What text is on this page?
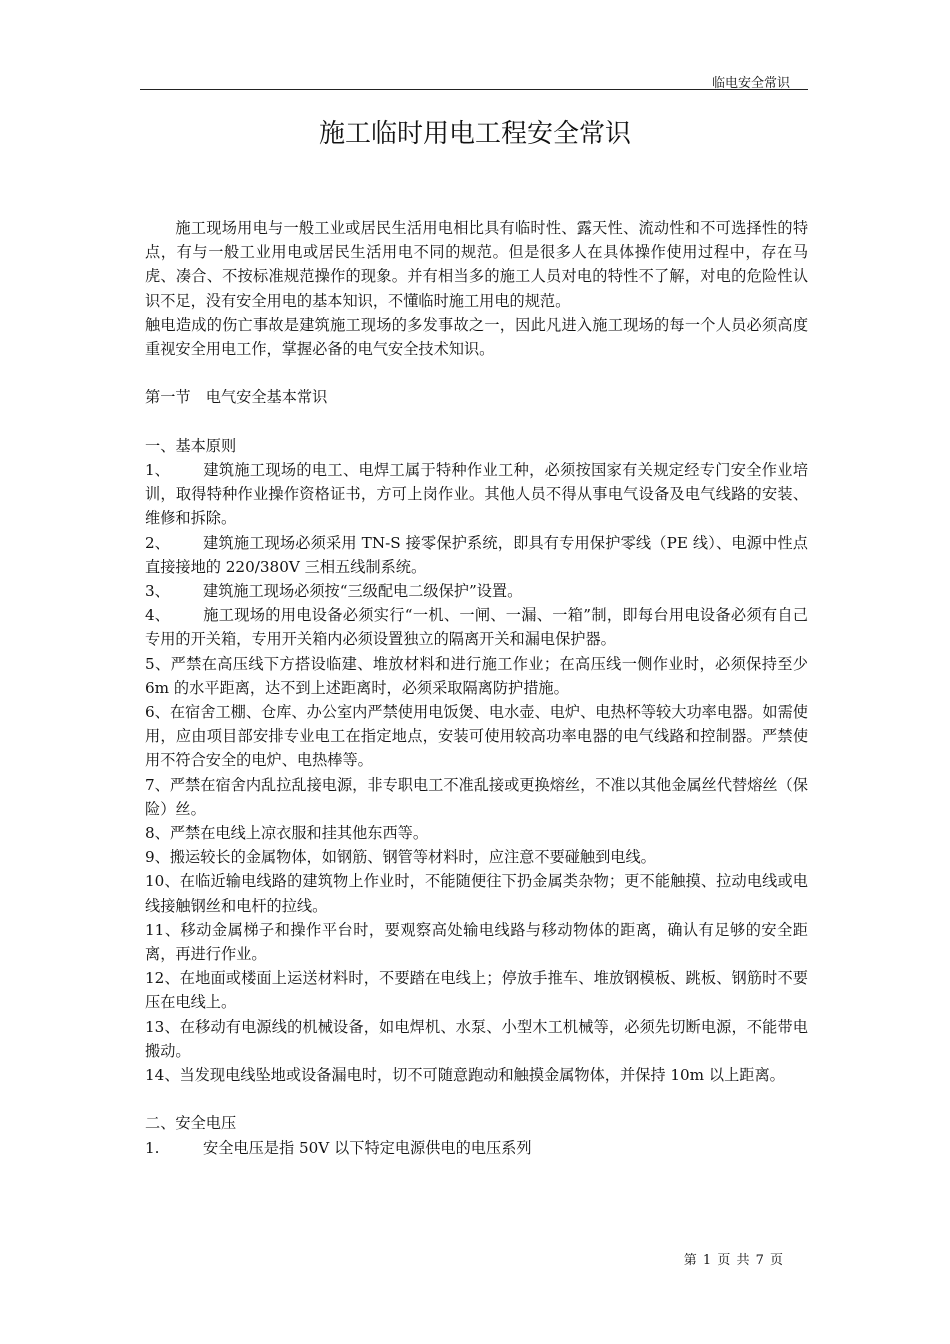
临电安全常识
施工临时用电工程安全常识

施工现场用电与一般工业或居民生活用电相比具有临时性、露天性、流动性和不可选择性的特点，有与一般工业用电或居民生活用电不同的规范。但是很多人在具体操作使用过程中，存在马虎、凑合、不按标准规范操作的现象。并有相当多的施工人员对电的特性不了解，对电的危险性认识不足，没有安全用电的基本知识，不懂临时施工用电的规范。

触电造成的伤亡事故是建筑施工现场的多发事故之一，因此凡进入施工现场的每一个人员必须高度重视安全用电工作，掌握必备的电气安全技术知识。

第一节　电气安全基本常识

一、基本原则

1、 建筑施工现场的电工、电焊工属于特种作业工种，必须按国家有关规定经专门安全作业培训，取得特种作业操作资格证书，方可上岗作业。其他人员不得从事电气设备及电气线路的安装、维修和拆除。

2、 建筑施工现场必须采用 TN-S 接零保护系统，即具有专用保护零线（PE 线）、电源中性点直接接地的 220/380V 三相五线制系统。

3、 建筑施工现场必须按“三级配电二级保护”设置。

4、 施工现场的用电设备必须实行“一机、一闸、一漏、一箱”制，即每台用电设备必须有自己专用的开关箱，专用开关箱内必须设置独立的隔离开关和漏电保护器。

5、严禁在高压线下方搭设临建、堆放材料和进行施工作业；在高压线一侧作业时，必须保持至少 6m 的水平距离，达不到上述距离时，必须采取隔离防护措施。

6、在宿舍工棚、仓库、办公室内严禁使用电饭煲、电水壶、电炉、电热杯等较大功率电器。如需使用，应由项目部安排专业电工在指定地点，安装可使用较高功率电器的电气线路和控制器。严禁使用不符合安全的电炉、电热棒等。

7、严禁在宿舍内乱拉乱接电源，非专职电工不准乱接或更换熔丝，不准以其他金属丝代替熔丝（保险）丝。

8、严禁在电线上凉衣服和挂其他东西等。

9、搬运较长的金属物体，如钢筋、钢管等材料时，应注意不要碰触到电线。

10、在临近输电线路的建筑物上作业时，不能随便往下扔金属类杂物；更不能触摸、拉动电线或电线接触钢丝和电杆的拉线。

11、移动金属梯子和操作平台时，要观察高处输电线路与移动物体的距离，确认有足够的安全距离，再进行作业。

12、在地面或楼面上运送材料时，不要踏在电线上；停放手推车、堆放钢模板、跳板、钢筋时不要压在电线上。

13、在移动有电源线的机械设备，如电焊机、水泵、小型木工机械等，必须先切断电源，不能带电搬动。

14、当发现电线坠地或设备漏电时，切不可随意跑动和触摸金属物体，并保持 10m 以上距离。

二、安全电压

1.	安全电压是指 50V 以下特定电源供电的电压系列

第 1 页 共 7 页
